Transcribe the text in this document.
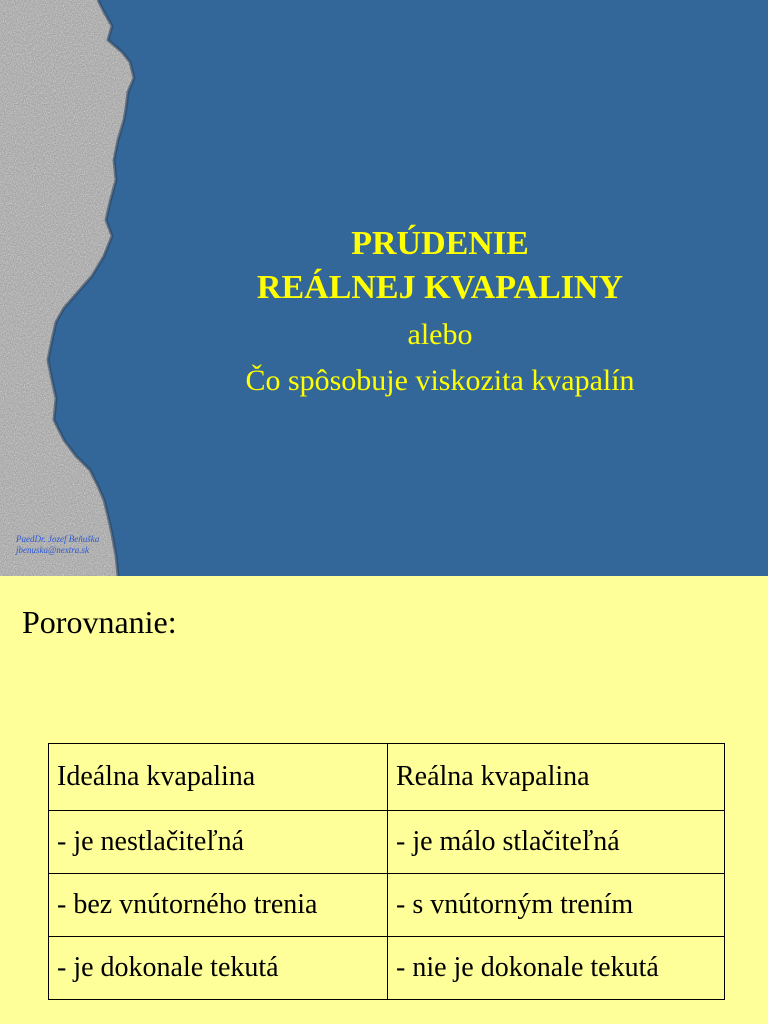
PaedDr. Jozef Beňuška
jbenuska@nextra.sk
PRÚDENIE
REÁLNEJ KVAPALINY
alebo
Čo spôsobuje viskozita kvapalín
Porovnanie:
Ideálna kvapalina	Reálna kvapalina
- je nestlačiteľná	- je málo stlačiteľná
- bez vnútorného trenia	- s vnútorným trením
- je dokonale tekutá	- nie je dokonale tekutá
